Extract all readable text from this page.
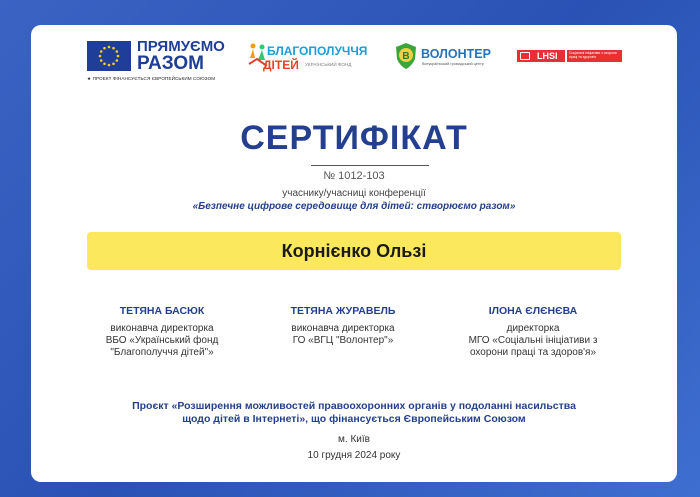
ПРЯМУЄМО
РАЗОМ
★ ПРОЕКТ ФІНАНСУЄТЬСЯ ЄВРОПЕЙСЬКИМ СОЮЗОМ
БЛАГОПОЛУЧЧЯ
ДІТЕЙ УКРАЇНСЬКИЙ ФОНД
B ВОЛОНТЕР
Всеукраїнський громадський центр
LHSI	Соціальні ініціативи з охорони праці та здоров'я
СЕРТИФІКАТ
№ 1012-103
учаснику/учасниці конференції
«Безпечне цифрове середовище для дітей: створюємо разом»
Корнієнко Ользі
ТЕТЯНА БАСЮК
виконавча директорка
ВБО «Український фонд
"Благополуччя дітей"»
ТЕТЯНА ЖУРАВЕЛЬ
виконавча директорка
ГО «ВГЦ "Волонтер"»
ІЛОНА ЄЛЄНЄВА
директорка
МГО «Соціальні ініціативи з
охорони праці та здоров'я»
Проєкт «Розширення можливостей правоохоронних органів у подоланні насильства
щодо дітей в Інтернеті», що фінансується Європейським Союзом
м. Київ
10 грудня 2024 року
